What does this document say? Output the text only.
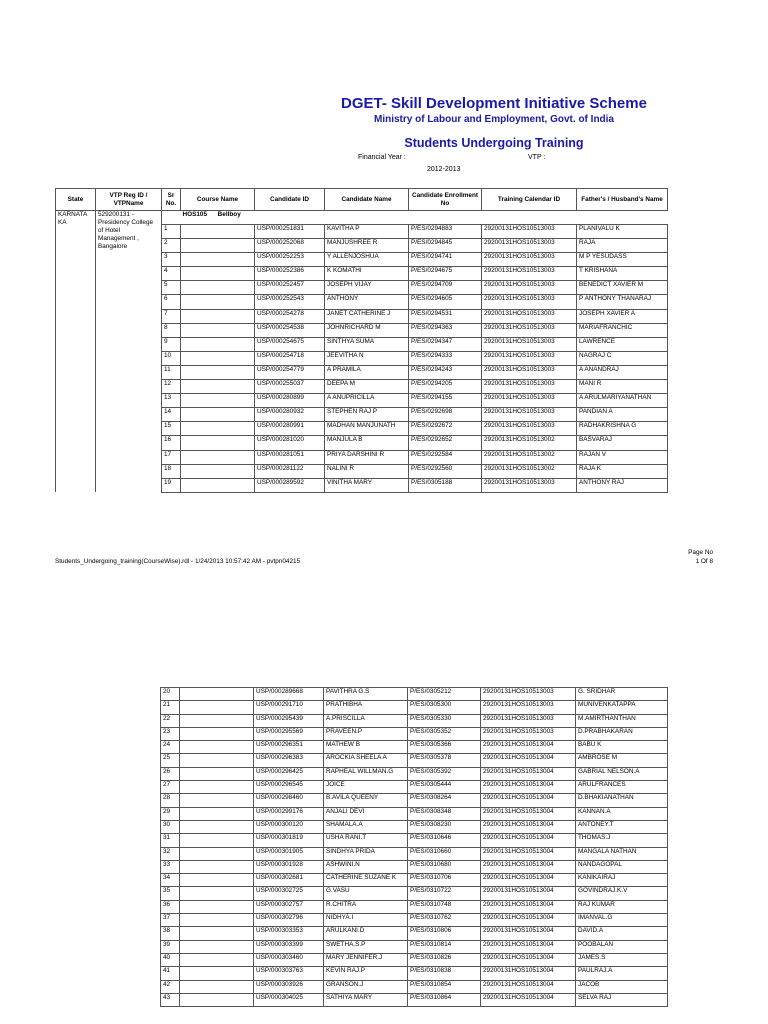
DGET- Skill Development Initiative Scheme
Ministry of Labour and Employment, Govt. of India
Students Undergoing Training
Financial Year :	VTP :
2012-2013
State	VTP Reg ID / VTPName	Sr No.	Course Name	Candidate ID	Candidate Name	Candidate Enrollment No	Training Calendar ID	Father's / Husband's Name
KARNATA KA	529200131 - Presidency College of Hotel Management , Bangalore		HOS105 Bellboy					
		1		USP/000251831	KAVITHA P	P/ES/0294883	29200131HOS10513003	PLANIVALU K
		2		USP/000252068	MANJUSHREE R	P/ES/0294845	29200131HOS10513003	RAJA
		3		USP/000252253	Y ALLENJOSHUA	P/ES/0294741	29200131HOS10513003	M P YESUDASS
		4		USP/000252386	K KOMATHI	P/ES/0294675	29200131HOS10513003	T KRISHANA
		5		USP/000252457	JOSEPH VIJAY	P/ES/0294709	29200131HOS10513003	BENEDICT XAVIER M
		6		USP/000252543	ANTHONY	P/ES/0294605	29200131HOS10513003	P ANTHONY THANARAJ
		7		USP/000254278	JANET CATHERINE J	P/ES/0294531	29200131HOS10513003	JOSEPH XAVIER A
		8		USP/000254538	JOHNRICHARD M	P/ES/0294363	29200131HOS10513003	MARIAFRANCHIC
		9		USP/000254675	SINTHYA SUMA	P/ES/0294347	29200131HOS10513003	LAWRENCE
		10		USP/000254718	JEEVITHA N	P/ES/0294333	29200131HOS10513003	NAGRAJ C
		11		USP/000254779	A PRAMILA	P/ES/0294243	29200131HOS10513003	A ANANDRAJ
		12		USP/000255037	DEEPA M	P/ES/0294205	29200131HOS10513003	MANI R
		13		USP/000280899	A ANUPRICILLA	P/ES/0294155	29200131HOS10513003	A ARULMARIYANATHAN
		14		USP/000280932	STEPHEN RAJ P	P/ES/0292698	29200131HOS10513003	PANDIAN A
		15		USP/000280991	MADHAN MANJUNATH	P/ES/0292672	29200131HOS10513003	RADHAKRISHNA G
		16		USP/000281020	MANJULA B	P/ES/0292652	29200131HOS10513002	BASVARAJ
		17		USP/000281051	PRIYA DARSHINI R	P/ES/0292584	29200131HOS10513002	RAJAN V
		18		USP/000281122	NALINI R	P/ES/0292560	29200131HOS10513002	RAJA K
		19		USP/000289592	VINITHA MARY	P/ES/0305188	29200131HOS10513003	ANTHONY RAJ
Page No
Students_Undergoing_training(CourseWise).rdl - 1/24/2013 10:57:42 AM - pvtpn04215	1 Of 8
20		USP/000289668	PAVITHRA G.S	P/ES/0305212	29200131HOS10513003	G. SRIDHAR
21		USP/000291710	PRATHIBHA	P/ES/0305300	29200131HOS10513003	MUNIVENKATAPPA
22		USP/000295439	A.PRISCILLA	P/ES/0305330	29200131HOS10513003	M.AMIRTHANTHAN
23		USP/000295569	PRAVEEN.P	P/ES/0305352	29200131HOS10513003	D.PRABHAKARAN
24		USP/000296351	MATHEW B	P/ES/0305366	29200131HOS10513004	BABU K
25		USP/000296383	AROCKIA SHEELA A	P/ES/0305378	29200131HOS10513004	AMBROSE M
26		USP/000296425	RAPHEAL WILLMAN.G	P/ES/0305392	29200131HOS10513004	GABRIAL NELSON.A
27		USP/000296545	JOICE	P/ES/0305444	29200131HOS10513004	ARULFRANCES
28		USP/000298460	B.AVILA QUEENY	P/ES/0308264	29200131HOS10513004	D.BHAKIANATHAN
29		USP/000299176	ANJALI DEVI	P/ES/0308348	29200131HOS10513004	KANNAN.A
30		USP/000300120	SHAMALA.A	P/ES/0308230	29200131HOS10513004	ANTONEY.T
31		USP/000301819	USHA RANI.T	P/ES/0310646	29200131HOS10513004	THOMAS.J
32		USP/000301905	SINDHYA PRIDA	P/ES/0310660	29200131HOS10513004	MANGALA NATHAN
33		USP/000301928	ASHWINI.N	P/ES/0310680	29200131HOS10513004	NANDAGOPAL
34		USP/000302681	CATHERINE SUZANE K	P/ES/0310706	29200131HOS10513004	KANIKAIRAJ
35		USP/000302725	G.VASU	P/ES/0310722	29200131HOS10513004	GOVINDRAJ.K.V
36		USP/000302757	R.CHITRA	P/ES/0310748	29200131HOS10513004	RAJ KUMAR
37		USP/000302796	NIDHYA.I	P/ES/0310762	29200131HOS10513004	IMANVAL.G
38		USP/000303353	ARULKANI.D	P/ES/0310806	29200131HOS10513004	DAVID.A
39		USP/000303399	SWETHA.S.P	P/ES/0310814	29200131HOS10513004	POOBALAN
40		USP/000303460	MARY JENNIFER.J	P/ES/0310826	29200131HOS10513004	JAMES.S
41		USP/000303763	KEVIN RAJ.P	P/ES/0310838	29200131HOS10513004	PAULRAJ.A
42		USP/000303926	GRANSON.J	P/ES/0310854	29200131HOS10513004	JACOB
43		USP/000304025	SATHIYA MARY	P/ES/0310864	29200131HOS10513004	SELVA RAJ
